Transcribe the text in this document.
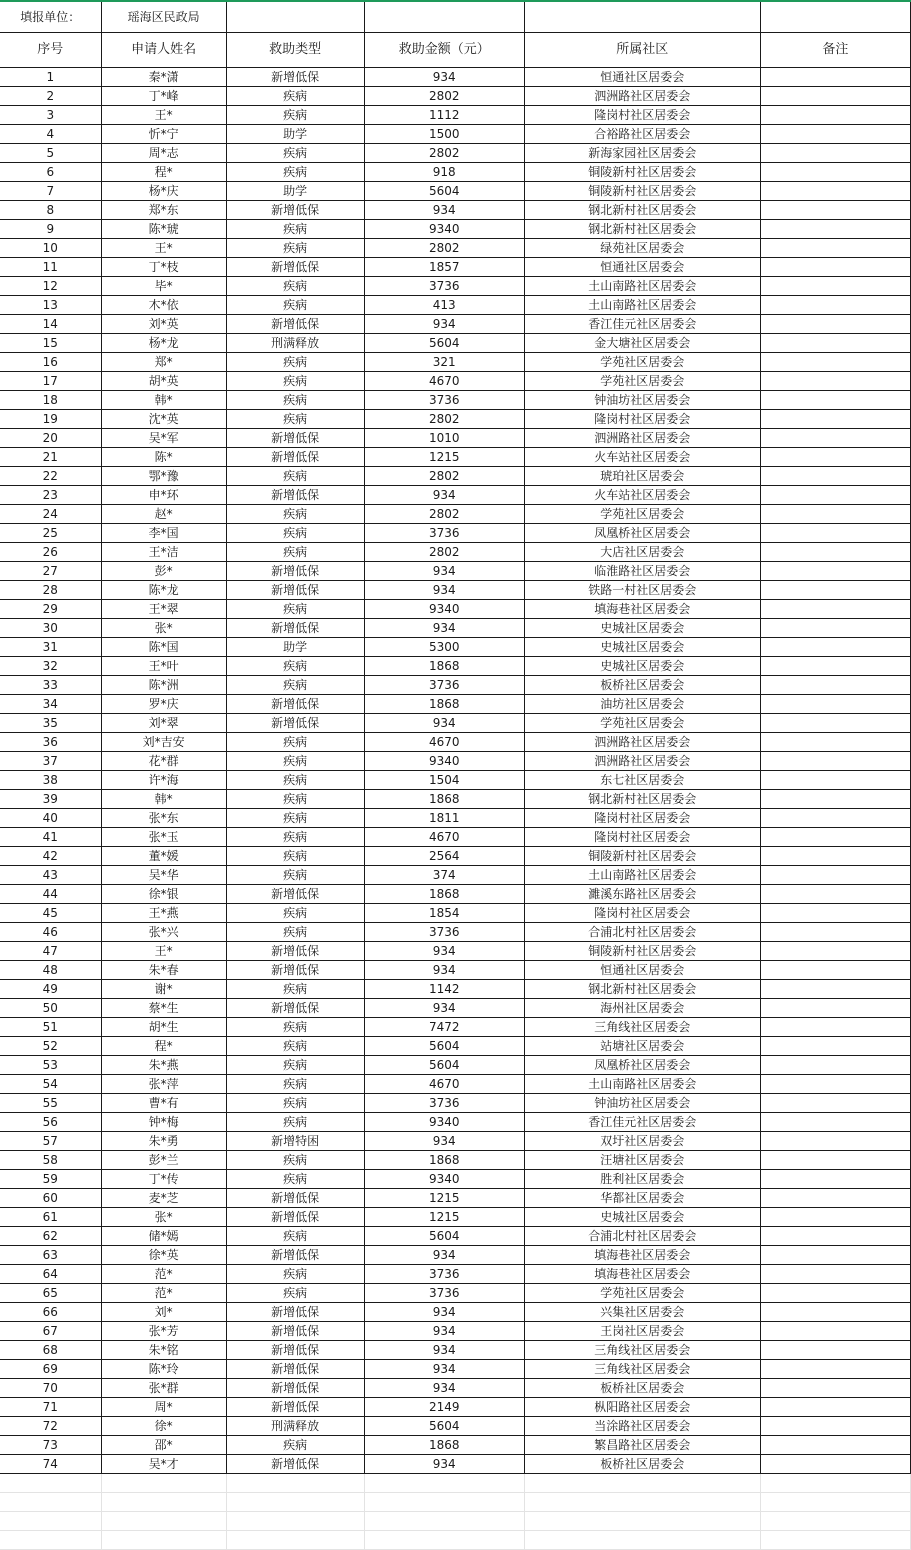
填报单位：	瑶海区民政局				
序号	申请人姓名	救助类型	救助金额（元）	所属社区	备注
1	秦*潇	新增低保	934	恒通社区居委会	
2	丁*峰	疾病	2802	泗洲路社区居委会	
3	王*	疾病	1112	隆岗村社区居委会	
4	忻*宁	助学	1500	合裕路社区居委会	
5	周*志	疾病	2802	新海家园社区居委会	
6	程*	疾病	918	铜陵新村社区居委会	
7	杨*庆	助学	5604	铜陵新村社区居委会	
8	郑*东	新增低保	934	钢北新村社区居委会	
9	陈*琥	疾病	9340	钢北新村社区居委会	
10	王*	疾病	2802	绿苑社区居委会	
11	丁*枝	新增低保	1857	恒通社区居委会	
12	毕*	疾病	3736	土山南路社区居委会	
13	木*依	疾病	413	土山南路社区居委会	
14	刘*英	新增低保	934	香江佳元社区居委会	
15	杨*龙	刑满释放	5604	金大塘社区居委会	
16	郑*	疾病	321	学苑社区居委会	
17	胡*英	疾病	4670	学苑社区居委会	
18	韩*	疾病	3736	钟油坊社区居委会	
19	沈*英	疾病	2802	隆岗村社区居委会	
20	吴*军	新增低保	1010	泗洲路社区居委会	
21	陈*	新增低保	1215	火车站社区居委会	
22	鄂*豫	疾病	2802	琥珀社区居委会	
23	申*环	新增低保	934	火车站社区居委会	
24	赵*	疾病	2802	学苑社区居委会	
25	李*国	疾病	3736	凤凰桥社区居委会	
26	王*洁	疾病	2802	大店社区居委会	
27	彭*	新增低保	934	临淮路社区居委会	
28	陈*龙	新增低保	934	铁路一村社区居委会	
29	王*翠	疾病	9340	填海巷社区居委会	
30	张*	新增低保	934	史城社区居委会	
31	陈*国	助学	5300	史城社区居委会	
32	王*叶	疾病	1868	史城社区居委会	
33	陈*洲	疾病	3736	板桥社区居委会	
34	罗*庆	新增低保	1868	油坊社区居委会	
35	刘*翠	新增低保	934	学苑社区居委会	
36	刘*吉安	疾病	4670	泗洲路社区居委会	
37	花*群	疾病	9340	泗洲路社区居委会	
38	许*海	疾病	1504	东七社区居委会	
39	韩*	疾病	1868	钢北新村社区居委会	
40	张*东	疾病	1811	隆岗村社区居委会	
41	张*玉	疾病	4670	隆岗村社区居委会	
42	董*媛	疾病	2564	铜陵新村社区居委会	
43	吴*华	疾病	374	土山南路社区居委会	
44	徐*银	新增低保	1868	濉溪东路社区居委会	
45	王*燕	疾病	1854	隆岗村社区居委会	
46	张*兴	疾病	3736	合浦北村社区居委会	
47	王*	新增低保	934	铜陵新村社区居委会	
48	朱*春	新增低保	934	恒通社区居委会	
49	谢*	疾病	1142	钢北新村社区居委会	
50	蔡*生	新增低保	934	海州社区居委会	
51	胡*生	疾病	7472	三角线社区居委会	
52	程*	疾病	5604	站塘社区居委会	
53	朱*燕	疾病	5604	凤凰桥社区居委会	
54	张*萍	疾病	4670	土山南路社区居委会	
55	曹*有	疾病	3736	钟油坊社区居委会	
56	钟*梅	疾病	9340	香江佳元社区居委会	
57	朱*勇	新增特困	934	双圩社区居委会	
58	彭*兰	疾病	1868	汪塘社区居委会	
59	丁*传	疾病	9340	胜利社区居委会	
60	麦*芝	新增低保	1215	华都社区居委会	
61	张*	新增低保	1215	史城社区居委会	
62	储*嫣	疾病	5604	合浦北村社区居委会	
63	徐*英	新增低保	934	填海巷社区居委会	
64	范*	疾病	3736	填海巷社区居委会	
65	范*	疾病	3736	学苑社区居委会	
66	刘*	新增低保	934	兴集社区居委会	
67	张*芳	新增低保	934	王岗社区居委会	
68	朱*铭	新增低保	934	三角线社区居委会	
69	陈*玲	新增低保	934	三角线社区居委会	
70	张*群	新增低保	934	板桥社区居委会	
71	周*	新增低保	2149	枞阳路社区居委会	
72	徐*	刑满释放	5604	当涂路社区居委会	
73	邵*	疾病	1868	繁昌路社区居委会	
74	吴*才	新增低保	934	板桥社区居委会	
